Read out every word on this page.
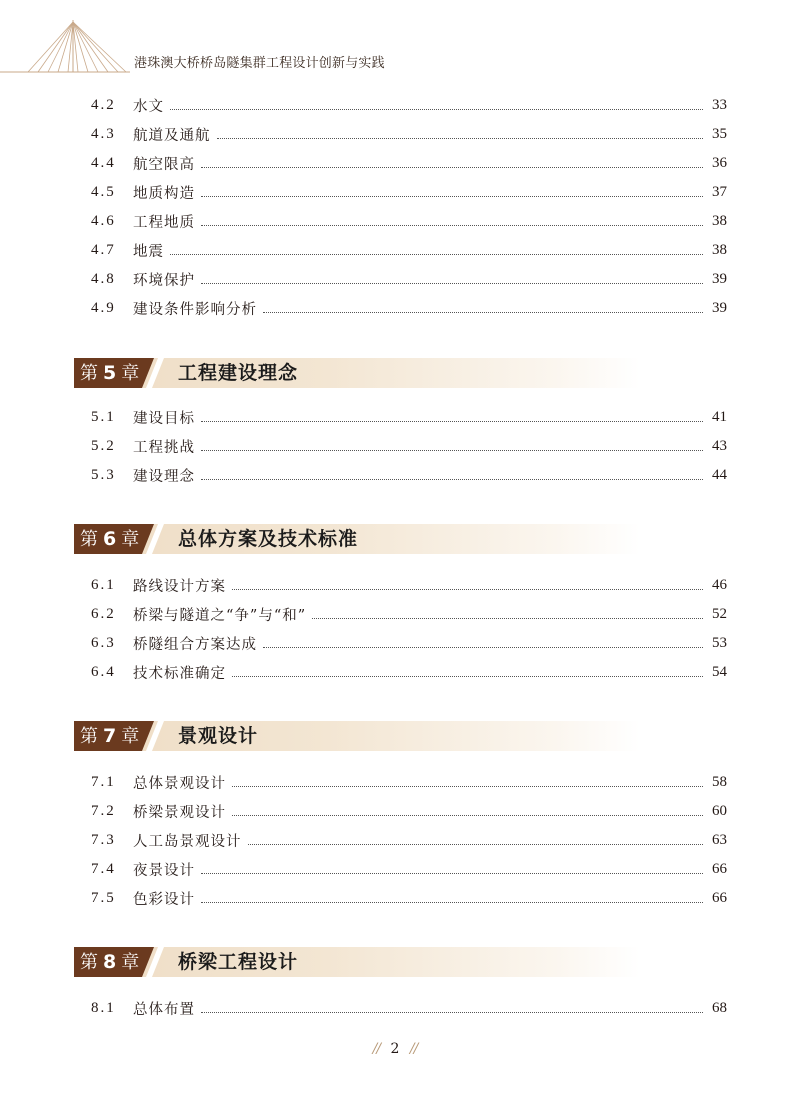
港珠澳大桥桥岛隧集群工程设计创新与实践
4.2	水文	33
4.3	航道及通航	35
4.4	航空限高	36
4.5	地质构造	37
4.6	工程地质	38
4.7	地震	38
4.8	环境保护	39
4.9	建设条件影响分析	39
第 5 章 工程建设理念
5.1	建设目标	41
5.2	工程挑战	43
5.3	建设理念	44
第 6 章 总体方案及技术标准
6.1	路线设计方案	46
6.2	桥梁与隧道之“争”与“和”	52
6.3	桥隧组合方案达成	53
6.4	技术标准确定	54
第 7 章 景观设计
7.1	总体景观设计	58
7.2	桥梁景观设计	60
7.3	人工岛景观设计	63
7.4	夜景设计	66
7.5	色彩设计	66
第 8 章 桥梁工程设计
8.1	总体布置	68
// 2 //
